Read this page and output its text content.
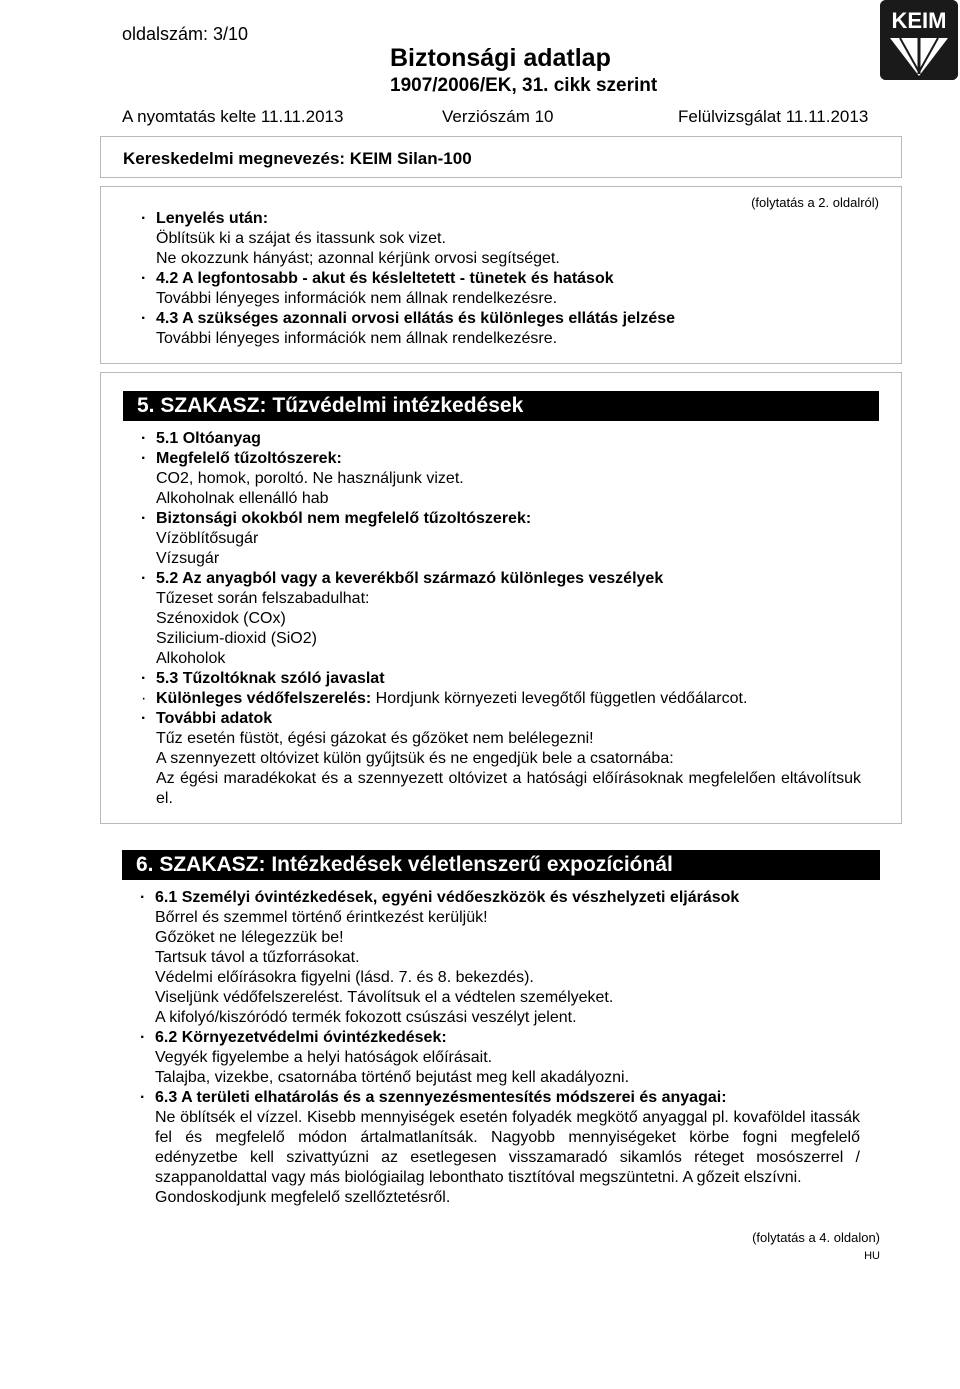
oldalszám: 3/10
Biztonsági adatlap
1907/2006/EK, 31. cikk szerint
A nyomtatás kelte 11.11.2013	Verziószám 10	Felülvizsgálat 11.11.2013
KEIM
Kereskedelmi megnevezés: KEIM Silan-100
(folytatás a 2. oldalról)
· Lenyelés után:
Öblítsük ki a szájat és itassunk sok vizet.
Ne okozzunk hányást; azonnal kérjünk orvosi segítséget.
· 4.2 A legfontosabb - akut és késleltetett - tünetek és hatások
További lényeges információk nem állnak rendelkezésre.
· 4.3 A szükséges azonnali orvosi ellátás és különleges ellátás jelzése
További lényeges információk nem állnak rendelkezésre.
5. SZAKASZ: Tűzvédelmi intézkedések
· 5.1 Oltóanyag
· Megfelelő tűzoltószerek:
CO2, homok, poroltó. Ne használjunk vizet.
Alkoholnak ellenálló hab
· Biztonsági okokból nem megfelelő tűzoltószerek:
Vízöblítősugár
Vízsugár
· 5.2 Az anyagból vagy a keverékből származó különleges veszélyek
Tűzeset során felszabadulhat:
Szénoxidok (COx)
Szilicium-dioxid (SiO2)
Alkoholok
· 5.3 Tűzoltóknak szóló javaslat
· Különleges védőfelszerelés: Hordjunk környezeti levegőtől független védőálarcot.
· További adatok
Tűz esetén füstöt, égési gázokat és gőzöket nem belélegezni!
A szennyezett oltóvizet külön gyűjtsük és ne engedjük bele a csatornába:
Az égési maradékokat és a szennyezett oltóvizet a hatósági előírásoknak megfelelően eltávolítsuk el.
6. SZAKASZ: Intézkedések véletlenszerű expozíciónál
· 6.1 Személyi óvintézkedések, egyéni védőeszközök és vészhelyzeti eljárások
Bőrrel és szemmel történő érintkezést kerüljük!
Gőzöket ne lélegezzük be!
Tartsuk távol a tűzforrásokat.
Védelmi előírásokra figyelni (lásd. 7. és 8. bekezdés).
Viseljünk védőfelszerelést. Távolítsuk el a védtelen személyeket.
A kifolyó/kiszóródó termék fokozott csúszási veszélyt jelent.
· 6.2 Környezetvédelmi óvintézkedések:
Vegyék figyelembe a helyi hatóságok előírásait.
Talajba, vizekbe, csatornába történő bejutást meg kell akadályozni.
· 6.3 A területi elhatárolás és a szennyezésmentesítés módszerei és anyagai:
Ne öblítsék el vízzel. Kisebb mennyiségek esetén folyadék megkötő anyaggal pl. kovaföldel itassák fel és megfelelő módon ártalmatlanítsák. Nagyobb mennyiségeket körbe fogni megfelelő edényzetbe kell szivattyúzni az esetlegesen visszamaradó sikamlós réteget mosószerrel / szappanoldattal vagy más biológiailag lebonthato tisztítóval megszüntetni. A gőzeit elszívni.
Gondoskodjunk megfelelő szellőztetésről.
(folytatás a 4. oldalon)
HU
